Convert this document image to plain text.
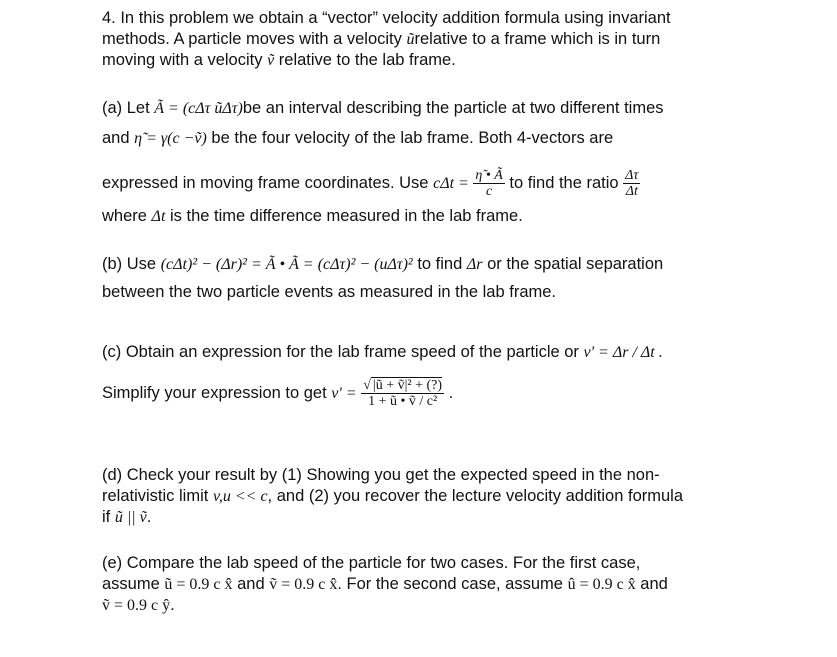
4. In this problem we obtain a “vector” velocity addition formula using invariant
methods. A particle moves with a velocity ũrelative to a frame which is in turn
moving with a velocity ṽ relative to the lab frame.
(a) Let Ã = (cΔτ ũΔτ)be an interval describing the particle at two different times
and η̃ = γ(c −ṽ) be the four velocity of the lab frame. Both 4-vectors are
expressed in moving frame coordinates. Use $c\Delta t = \frac{\etã • Ã}{c}$ to find the ratio $\frac{\Delta\tau}{\Delta t}$
where Δt is the time difference measured in the lab frame.
(b) Use (cΔt)² − (Δr)² = Ã • Ã = (cΔτ)² − (uΔτ)² to find Δr or the spatial separation
between the two particle events as measured in the lab frame.
(c) Obtain an expression for the lab frame speed of the particle or v' = Δr / Δt .
Simplify your expression to get $v' = \frac{\text{√ |ũ + ṽ|² + (?)}}{\text{1 + ũ • ṽ / c²}}$ .
(d) Check your result by (1) Showing you get the expected speed in the non-
relativistic limit v,u << c, and (2) you recover the lecture velocity addition formula
if ũ || ṽ.
(e) Compare the lab speed of the particle for two cases. For the first case,
assume ũ = 0.9 c x̂ and ṽ = 0.9 c x̂. For the second case, assume û = 0.9 c x̂ and
ṽ = 0.9 c ŷ.
